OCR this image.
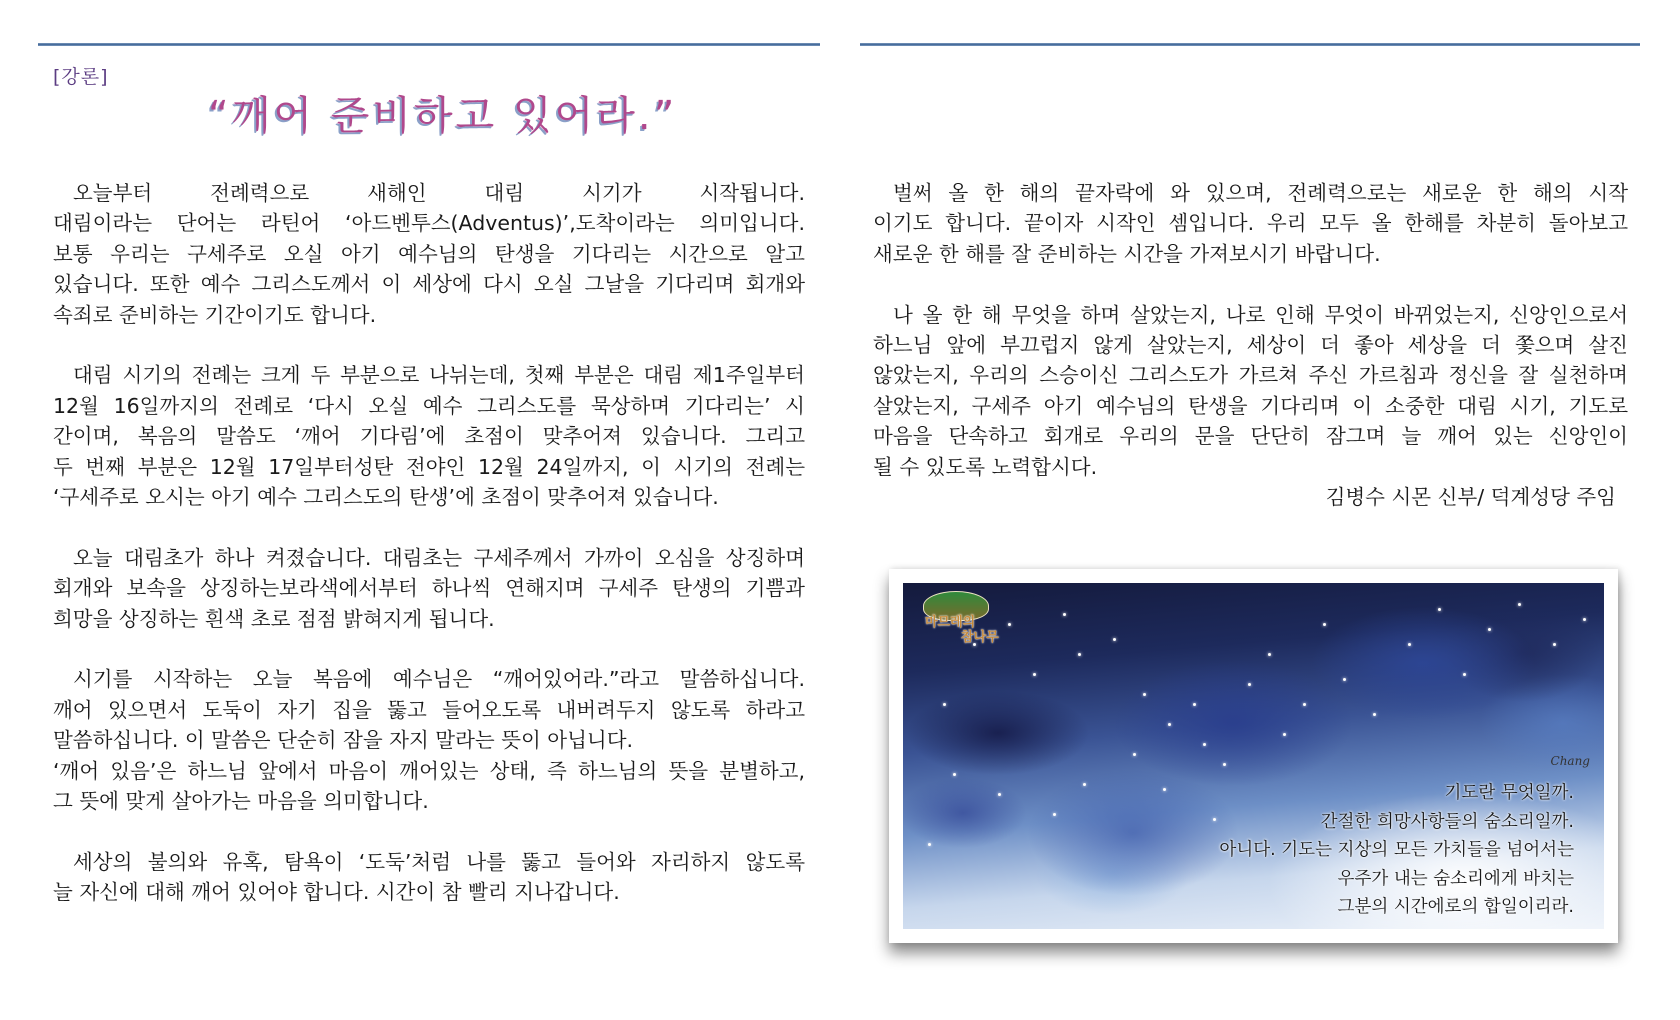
[강론]
“깨어 준비하고 있어라.”
오늘부터 전례력으로 새해인 대림 시기가 시작됩니다.
대림이라는 단어는 라틴어 ‘아드벤투스(Adventus)’,도착이라는 의미입니다.
보통 우리는 구세주로 오실 아기 예수님의 탄생을 기다리는 시간으로 알고
있습니다. 또한 예수 그리스도께서 이 세상에 다시 오실 그날을 기다리며 회개와
속죄로 준비하는 기간이기도 합니다.
대림 시기의 전례는 크게 두 부분으로 나뉘는데, 첫째 부분은 대림 제1주일부터
12월 16일까지의 전례로 ‘다시 오실 예수 그리스도를 묵상하며 기다리는’ 시
간이며, 복음의 말씀도 ‘깨어 기다림’에 초점이 맞추어져 있습니다. 그리고
두 번째 부분은 12월 17일부터성탄 전야인 12월 24일까지, 이 시기의 전례는
‘구세주로 오시는 아기 예수 그리스도의 탄생’에 초점이 맞추어져 있습니다.
오늘 대림초가 하나 켜졌습니다. 대림초는 구세주께서 가까이 오심을 상징하며
회개와 보속을 상징하는보라색에서부터 하나씩 연해지며 구세주 탄생의 기쁨과
희망을 상징하는 흰색 초로 점점 밝혀지게 됩니다.
시기를 시작하는 오늘 복음에 예수님은 “깨어있어라.”라고 말씀하십니다.
깨어 있으면서 도둑이 자기 집을 뚫고 들어오도록 내버려두지 않도록 하라고
말씀하십니다. 이 말씀은 단순히 잠을 자지 말라는 뜻이 아닙니다.
‘깨어 있음’은 하느님 앞에서 마음이 깨어있는 상태, 즉 하느님의 뜻을 분별하고,
그 뜻에 맞게 살아가는 마음을 의미합니다.
세상의 불의와 유혹, 탐욕이 ‘도둑’처럼 나를 뚫고 들어와 자리하지 않도록
늘 자신에 대해 깨어 있어야 합니다. 시간이 참 빨리 지나갑니다.
벌써 올 한 해의 끝자락에 와 있으며, 전례력으로는 새로운 한 해의 시작
이기도 합니다. 끝이자 시작인 셈입니다. 우리 모두 올 한해를 차분히 돌아보고
새로운 한 해를 잘 준비하는 시간을 가져보시기 바랍니다.
나 올 한 해 무엇을 하며 살았는지, 나로 인해 무엇이 바뀌었는지, 신앙인으로서
하느님 앞에 부끄럽지 않게 살았는지, 세상이 더 좋아 세상을 더 쫓으며 살진
않았는지, 우리의 스승이신 그리스도가 가르쳐 주신 가르침과 정신을 잘 실천하며
살았는지, 구세주 아기 예수님의 탄생을 기다리며 이 소중한 대림 시기, 기도로
마음을 단속하고 회개로 우리의 문을 단단히 잠그며 늘 깨어 있는 신앙인이
될 수 있도록 노력합시다.
김병수 시몬 신부/ 덕계성당 주임
마므레의
참나무
Chang
기도란 무엇일까.
간절한 희망사항들의 숨소리일까.
아니다. 기도는 지상의 모든 가치들을 넘어서는
우주가 내는 숨소리에게 바치는
그분의 시간에로의 합일이리라.
